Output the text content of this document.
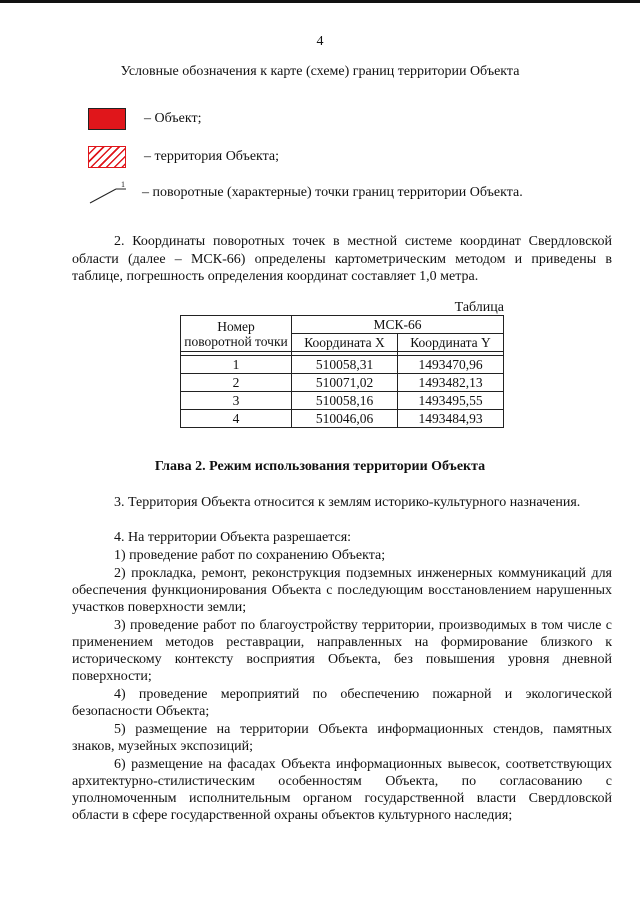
4
Условные обозначения к карте (схеме) границ территории Объекта
– Объект;
– территория Объекта;
1
– поворотные (характерные) точки границ территории Объекта.
2. Координаты поворотных точек в местной системе координат Свердловской области (далее – МСК-66) определены картометрическим методом и приведены в таблице, погрешность определения координат составляет 1,0 метра.
Таблица
Номер поворотной точки	МСК-66	
	Координата X	Координата Y

1	510058,31	1493470,96
2	510071,02	1493482,13
3	510058,16	1493495,55
4	510046,06	1493484,93
Глава 2. Режим использования территории Объекта
3. Территория Объекта относится к землям историко-культурного назначения.
4. На территории Объекта разрешается:
1) проведение работ по сохранению Объекта;
2) прокладка, ремонт, реконструкция подземных инженерных коммуникаций для обеспечения функционирования Объекта с последующим восстановлением нарушенных участков поверхности земли;
3) проведение работ по благоустройству территории, производимых в том числе с применением методов реставрации, направленных на формирование близкого к историческому контексту восприятия Объекта, без повышения уровня дневной поверхности;
4) проведение мероприятий по обеспечению пожарной и экологической безопасности Объекта;
5) размещение на территории Объекта информационных стендов, памятных знаков, музейных экспозиций;
6) размещение на фасадах Объекта информационных вывесок, соответствующих архитектурно-стилистическим особенностям Объекта, по согласованию с уполномоченным исполнительным органом государственной власти Свердловской области в сфере государственной охраны объектов культурного наследия;
